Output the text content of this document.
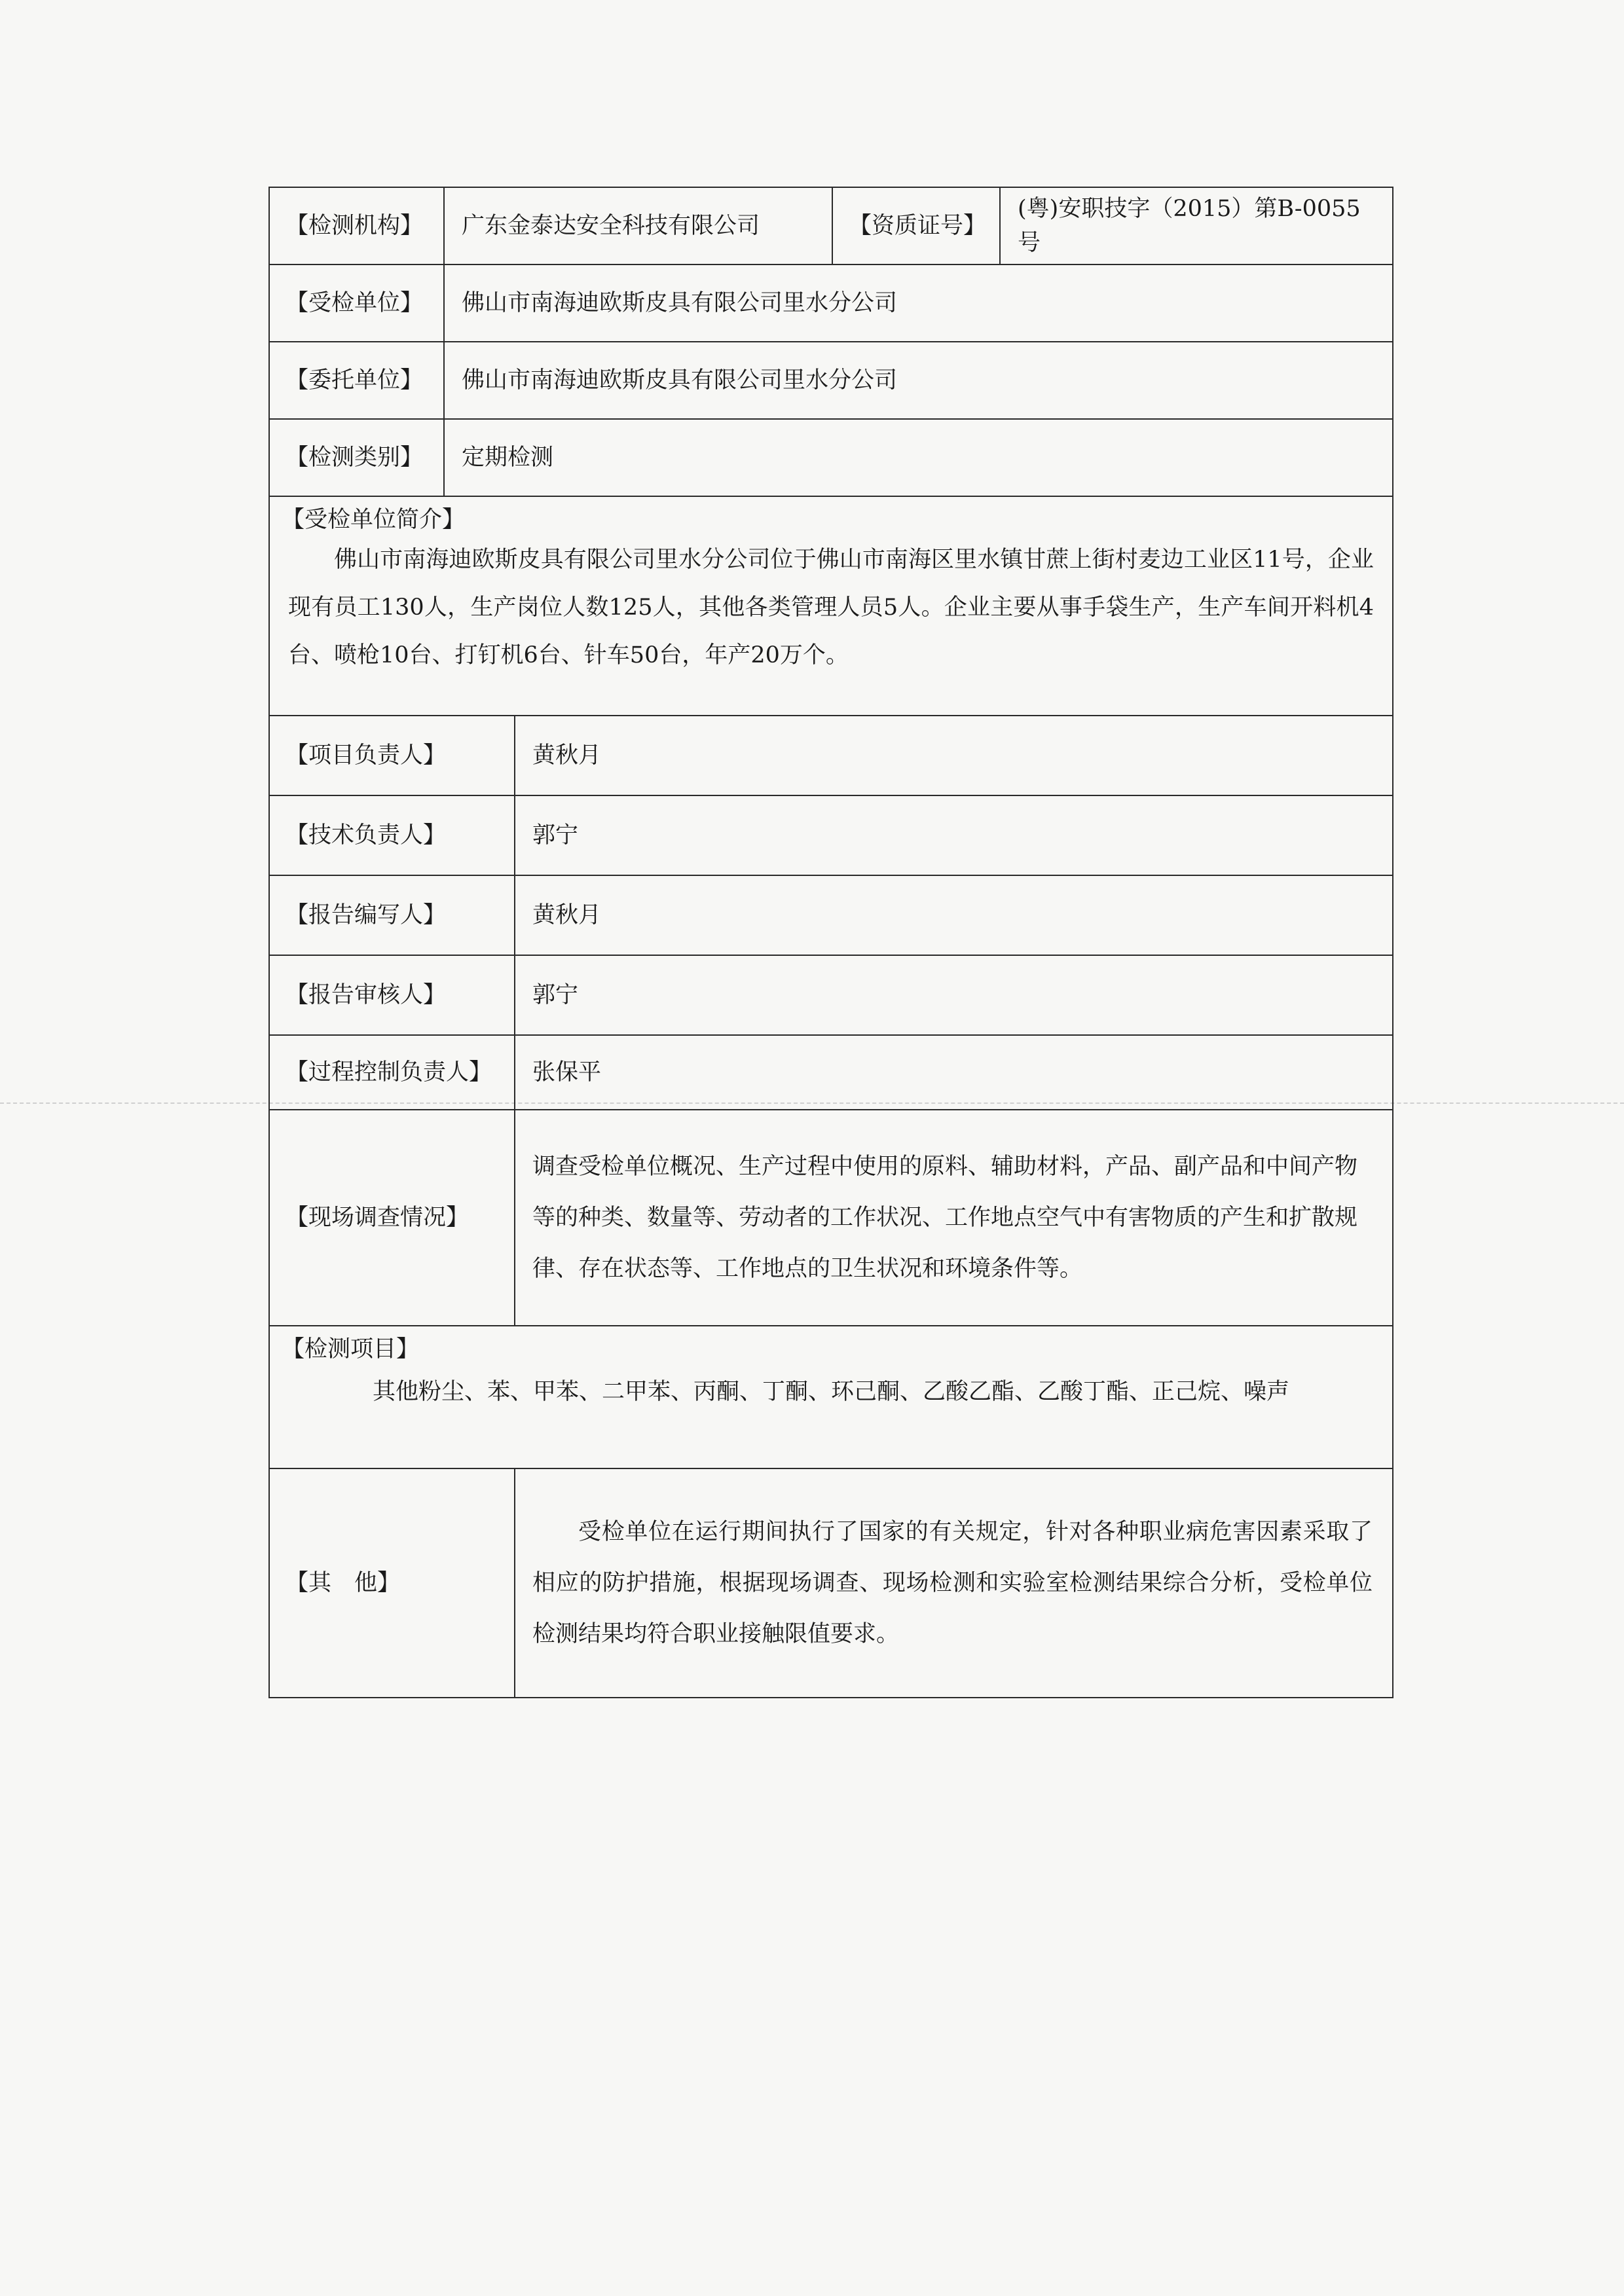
【检测机构】	广东金泰达安全科技有限公司		【资质证号】	(粤)安职技字（2015）第B-0055号
【受检单位】	佛山市南海迪欧斯皮具有限公司里水分公司			
【委托单位】	佛山市南海迪欧斯皮具有限公司里水分公司			
【检测类别】	定期检测			

【受检单位简介】
佛山市南海迪欧斯皮具有限公司里水分公司位于佛山市南海区里水镇甘蔗上街村麦边工业区11号，企业现有员工130人，生产岗位人数125人，其他各类管理人员5人。企业主要从事手袋生产，生产车间开料机4台、喷枪10台、打钉机6台、针车50台，年产20万个。				

【项目负责人】		黄秋月		
【技术负责人】		郭宁		
【报告编写人】		黄秋月		
【报告审核人】		郭宁		
【过程控制负责人】		张保平		
【现场调查情况】		调查受检单位概况、生产过程中使用的原料、辅助材料，产品、副产品和中间产物等的种类、数量等、劳动者的工作状况、工作地点空气中有害物质的产生和扩散规律、存在状态等、工作地点的卫生状况和环境条件等。		

【检测项目】
其他粉尘、苯、甲苯、二甲苯、丙酮、丁酮、环己酮、乙酸乙酯、乙酸丁酯、正己烷、噪声				

【其　他】		受检单位在运行期间执行了国家的有关规定，针对各种职业病危害因素采取了相应的防护措施，根据现场调查、现场检测和实验室检测结果综合分析，受检单位检测结果均符合职业接触限值要求。		
